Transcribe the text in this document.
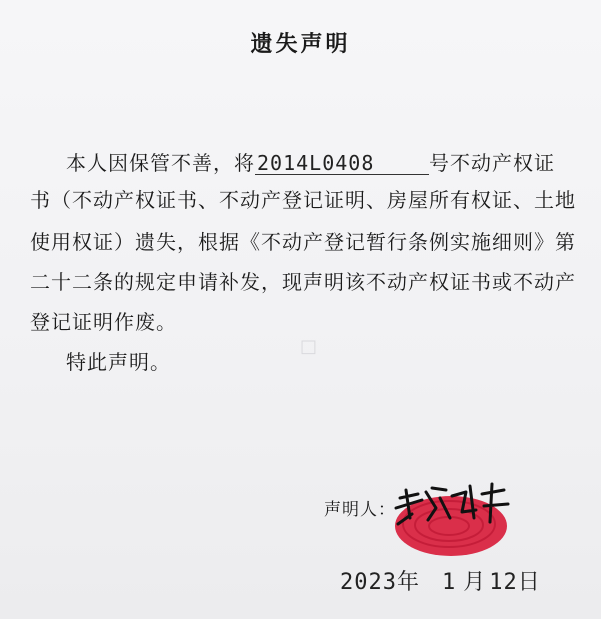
遗失声明
本人因保管不善，将 2014L0408	号不动产权证
书（不动产权证书、不动产登记证明、房屋所有权证、土地
使用权证）遗失，根据《不动产登记暂行条例实施细则》第
二十二条的规定申请补发，现声明该不动产权证书或不动产
登记证明作废。
特此声明。
□
声明人：
2023年 1 月 12日
